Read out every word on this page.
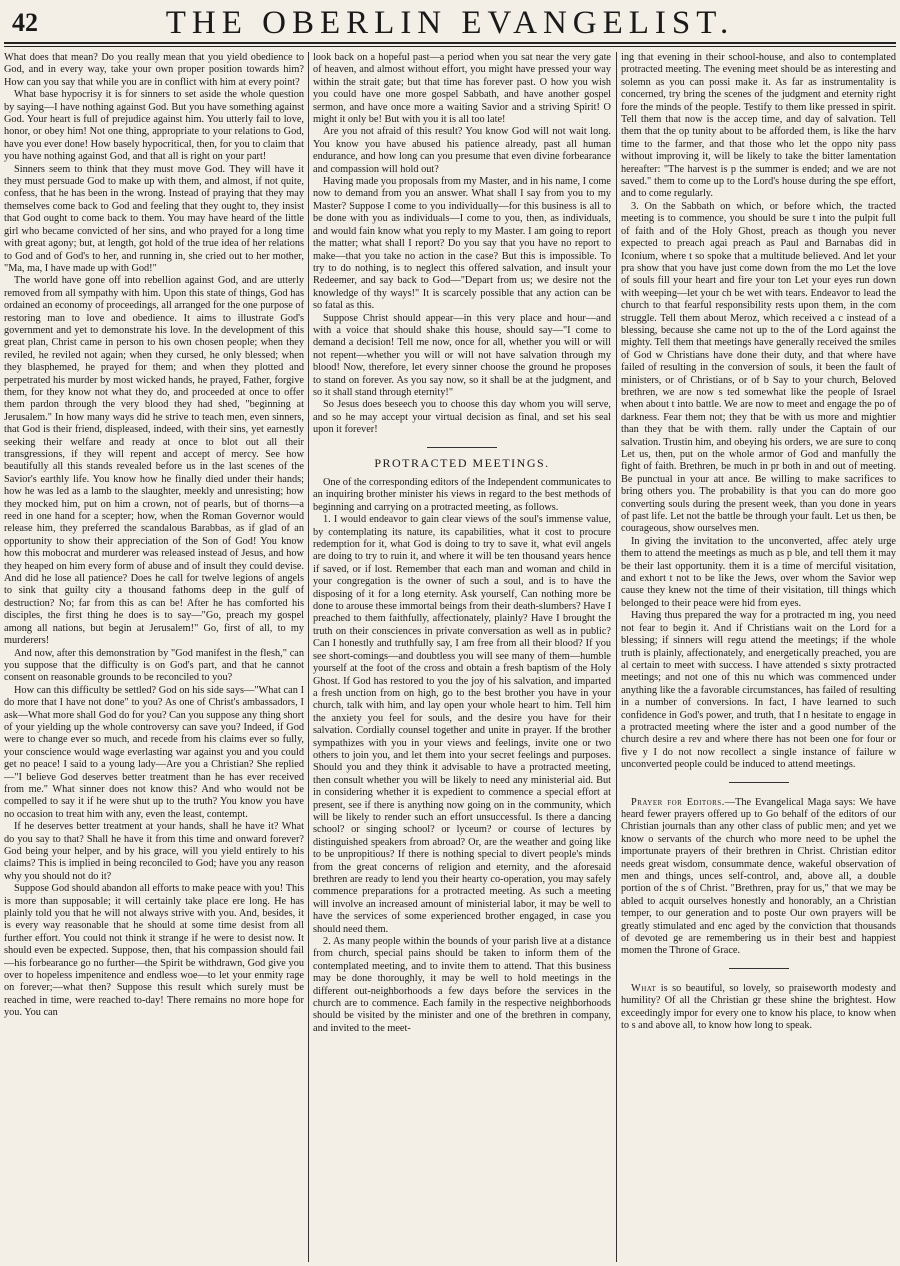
42	THE OBERLIN EVANGELIST.

What does that mean? Do you really mean that you yield obedience to God, and in every way, take your own proper position towards him? How can you say that while you are in conflict with him at every point?

What base hypocrisy it is for sinners to set aside the whole question by saying—I have nothing against God. But you have something against God. Your heart is full of prejudice against him. You utterly fail to love, honor, or obey him! Not one thing, appropriate to your relations to God, have you ever done! How basely hypocritical, then, for you to claim that you have nothing against God, and that all is right on your part!

Sinners seem to think that they must move God. They will have it they must persuade God to make up with them, and almost, if not quite, confess, that he has been in the wrong. Instead of praying that they may themselves come back to God and feeling that they ought to, they insist that God ought to come back to them. You may have heard of the little girl who became convicted of her sins, and who prayed for a long time with great agony; but, at length, got hold of the true idea of her relations to God and of God's to her, and running in, she cried out to her mother, "Ma, ma, I have made up with God!"

The world have gone off into rebellion against God, and are utterly removed from all sympathy with him. Upon this state of things, God has ordained an economy of proceedings, all arranged for the one purpose of restoring man to love and obedience. It aims to illustrate God's government and yet to demonstrate his love. In the development of this great plan, Christ came in person to his own chosen people; when they reviled, he reviled not again; when they cursed, he only blessed; when they blasphemed, he prayed for them; and when they plotted and perpetrated his murder by most wicked hands, he prayed, Father, forgive them, for they know not what they do, and proceeded at once to offer them pardon through the very blood they had shed, "beginning at Jerusalem." In how many ways did he strive to teach men, even sinners, that God is their friend, displeased, indeed, with their sins, yet earnestly seeking their welfare and ready at once to blot out all their transgressions, if they will repent and accept of mercy. See how beautifully all this stands revealed before us in the last scenes of the Savior's earthly life. You know how he finally died under their hands; how he was led as a lamb to the slaughter, meekly and unresisting; how they mocked him, put on him a crown, not of pearls, but of thorns—a reed in one hand for a scepter; how, when the Roman Governor would release him, they preferred the scandalous Barabbas, as if glad of an opportunity to show their appreciation of the Son of God! You know how this mobocrat and murderer was released instead of Jesus, and how they heaped on him every form of abuse and of insult they could devise. And did he lose all patience? Does he call for twelve legions of angels to sink that guilty city a thousand fathoms deep in the gulf of destruction? No; far from this as can be! After he has comforted his disciples, the first thing he does is to say—"Go, preach my gospel among all nations, but begin at Jerusalem!" Go, first of all, to my murderers!

And now, after this demonstration by "God manifest in the flesh," can you suppose that the difficulty is on God's part, and that he cannot consent on reasonable grounds to be reconciled to you?

How can this difficulty be settled? God on his side says—"What can I do more that I have not done" to you? As one of Christ's ambassadors, I ask—What more shall God do for you? Can you suppose any thing short of your yielding up the whole controversy can save you? Indeed, if God were to change ever so much, and recede from his claims ever so fully, your conscience would wage everlasting war against you and you could get no peace! I said to a young lady—Are you a Christian? She replied—"I believe God deserves better treatment than he has ever received from me." What sinner does not know this? And who would not be compelled to say it if he were shut up to the truth? You know you have no occasion to treat him with any, even the least, contempt.

If he deserves better treatment at your hands, shall he have it? What do you say to that? Shall he have it from this time and onward forever? God being your helper, and by his grace, will you yield entirely to his claims? This is implied in being reconciled to God; have you any reason why you should not do it?

Suppose God should abandon all efforts to make peace with you! This is more than supposable; it will certainly take place ere long. He has plainly told you that he will not always strive with you. And, besides, it is every way reasonable that he should at some time desist from all further effort. You could not think it strange if he were to desist now. It should even be expected. Suppose, then, that his compassion should fail—his forbearance go no further—the Spirit be withdrawn, God give you over to hopeless impenitence and endless woe—to let your enmity rage on forever;—what then? Suppose this result which surely must be reached in time, were reached to-day! There remains no more hope for you. You can

look back on a hopeful past—a period when you sat near the very gate of heaven, and almost without effort, you might have pressed your way within the strait gate; but that time has forever past. O how you wish you could have one more gospel Sabbath, and have another gospel sermon, and have once more a waiting Savior and a striving Spirit! O might it only be! But with you it is all too late!

Are you not afraid of this result? You know God will not wait long. You know you have abused his patience already, past all human endurance, and how long can you presume that even divine forbearance and compassion will hold out?

Having made you proposals from my Master, and in his name, I come now to demand from you an answer. What shall I say from you to my Master? Suppose I come to you individually—for this business is all to be done with you as individuals—I come to you, then, as individuals, and would fain know what you reply to my Master. I am going to report the matter; what shall I report? Do you say that you have no report to make—that you take no action in the case? But this is impossible. To try to do nothing, is to neglect this offered salvation, and insult your Redeemer, and say back to God—"Depart from us; we desire not the knowledge of thy ways!" It is scarcely possible that any action can be so fatal as this.

Suppose Christ should appear—in this very place and hour—and with a voice that should shake this house, should say—"I come to demand a decision! Tell me now, once for all, whether you will or will not repent—whether you will or will not have salvation through my blood! Now, therefore, let every sinner choose the ground he proposes to stand on forever. As you say now, so it shall be at the judgment, and so it shall stand through eternity!"

So Jesus does beseech you to choose this day whom you will serve, and so he may accept your virtual decision as final, and set his seal upon it forever!

PROTRACTED MEETINGS.

One of the corresponding editors of the Independent communicates to an inquiring brother minister his views in regard to the best methods of beginning and carrying on a protracted meeting, as follows.

1. I would endeavor to gain clear views of the soul's immense value, by contemplating its nature, its capabilities, what it cost to procure redemption for it, what God is doing to try to save it, what evil angels are doing to try to ruin it, and where it will be ten thousand years hence if saved, or if lost. Remember that each man and woman and child in your congregation is the owner of such a soul, and is to have the disposing of it for a long eternity. Ask yourself, Can nothing more be done to arouse these immortal beings from their death-slumbers? Have I preached to them faithfully, affectionately, plainly? Have I brought the truth on their consciences in private conversation as well as in public? Can I honestly and truthfully say, I am free from all their blood? If you see short-comings—and doubtless you will see many of them—humble yourself at the foot of the cross and obtain a fresh baptism of the Holy Ghost. If God has restored to you the joy of his salvation, and imparted a fresh unction from on high, go to the best brother you have in your church, talk with him, and lay open your whole heart to him. Tell him the anxiety you feel for souls, and the desire you have for their salvation. Cordially counsel together and unite in prayer. If the brother sympathizes with you in your views and feelings, invite one or two others to join you, and let them into your secret feelings and purposes. Should you and they think it advisable to have a protracted meeting, then consult whether you will be likely to need any ministerial aid. But in considering whether it is expedient to commence a special effort at present, see if there is anything now going on in the community, which will be likely to render such an effort unsuccessful. Is there a dancing school? or singing school? or lyceum? or course of lectures by distinguished speakers from abroad? Or, are the weather and going like to be unpropitious? If there is nothing special to divert people's minds from the great concerns of religion and eternity, and the aforesaid brethren are ready to lend you their hearty co-operation, you may safely commence preparations for a protracted meeting. As such a meeting will involve an increased amount of ministerial labor, it may be well to have the services of some experienced brother engaged, in case you should need them.

2. As many people within the bounds of your parish live at a distance from church, special pains should be taken to inform them of the contemplated meeting, and to invite them to attend. That this business may be done thoroughly, it may be well to hold meetings in the different out-neighborhoods a few days before the services in the church are to commence. Each family in the respective neighborhoods should be visited by the minister and one of the brethren in company, and invited to the meet-

ing that evening in their school-house, and also to contemplated protracted meeting. The evening meet should be as interesting and solemn as you can possi make it. As far as instrumentality is concerned, try bring the scenes of the judgment and eternity right fore the minds of the people. Testify to them like pressed in spirit. Tell them that now is the accep time, and day of salvation. Tell them that the op tunity about to be afforded them, is like the harv time to the farmer, and that those who let the oppo nity pass without improving it, will be likely to take the bitter lamentation hereafter: "The harvest is p the summer is ended; and we are not saved." them to come up to the Lord's house during the spe effort, and to come regularly.

3. On the Sabbath on which, or before which, the tracted meeting is to commence, you should be sure t into the pulpit full of faith and of the Holy Ghost, preach as though you never expected to preach agai preach as Paul and Barnabas did in Iconium, where t so spoke that a multitude believed. And let your pra show that you have just come down from the mo Let the love of souls fill your heart and fire your ton Let your eyes run down with weeping—let your ch be wet with tears. Endeavor to lead the church to that fearful responsibility rests upon them, in the com struggle. Tell them about Meroz, which received a c instead of a blessing, because she came not up to the of the Lord against the mighty. Tell them that meetings have generally received the smiles of God w Christians have done their duty, and that where have failed of resulting in the conversion of souls, it been the fault of ministers, or of Christians, or of b Say to your church, Beloved brethren, we are now s ted somewhat like the people of Israel when about t into battle. We are now to meet and engage the po of darkness. Fear them not; they that be with us more and mightier than they that be with them. rally under the Captain of our salvation. Trustin him, and obeying his orders, we are sure to conq Let us, then, put on the whole armor of God and manfully the fight of faith. Brethren, be much in pr both in and out of meeting. Be punctual in your att ance. Be willing to make sacrifices to bring others you. The probability is that you can do more goo converting souls during the present week, than you done in years of past life. Let not the battle be through your fault. Let us then, be courageous, show ourselves men.

In giving the invitation to the unconverted, affec ately urge them to attend the meetings as much as p ble, and tell them it may be their last opportunity. them it is a time of merciful visitation, and exhort t not to be like the Jews, over whom the Savior wep cause they knew not the time of their visitation, till things which belonged to their peace were hid from eyes.

Having thus prepared the way for a protracted m ing, you need not fear to begin it. And if Christians wait on the Lord for a blessing; if sinners will regu attend the meetings; if the whole truth is plainly, affectionately, and energetically preached, you are al certain to meet with success. I have attended s sixty protracted meetings; and not one of this nu which was commenced under anything like the a favorable circumstances, has failed of resulting in a number of conversions. In fact, I have learned to such confidence in God's power, and truth, that I n hesitate to engage in a protracted meeting where the ister and a good number of the church desire a rev and where there has not been one for four or five y I do not now recollect a single instance of failure w unconverted people could be induced to attend meetings.

Prayer for Editors.—The Evangelical Maga says: We have heard fewer prayers offered up to Go behalf of the editors of our Christian journals than any other class of public men; and yet we know o servants of the church who more need to be uphel the importunate prayers of their brethren in Christ. Christian editor needs great wisdom, consummate dence, wakeful observation of men and things, unces self-control, and, above all, a double portion of the s of Christ. "Brethren, pray for us," that we may be abled to acquit ourselves honestly and honorably, an a Christian temper, to our generation and to poste Our own prayers will be greatly stimulated and enc aged by the conviction that thousands of devoted ge are remembering us in their best and happiest momen the Throne of Grace.

What is so beautiful, so lovely, so praiseworth modesty and humility? Of all the Christian gr these shine the brightest. How exceedingly impor for every one to know his place, to know when to s and above all, to know how long to speak.
